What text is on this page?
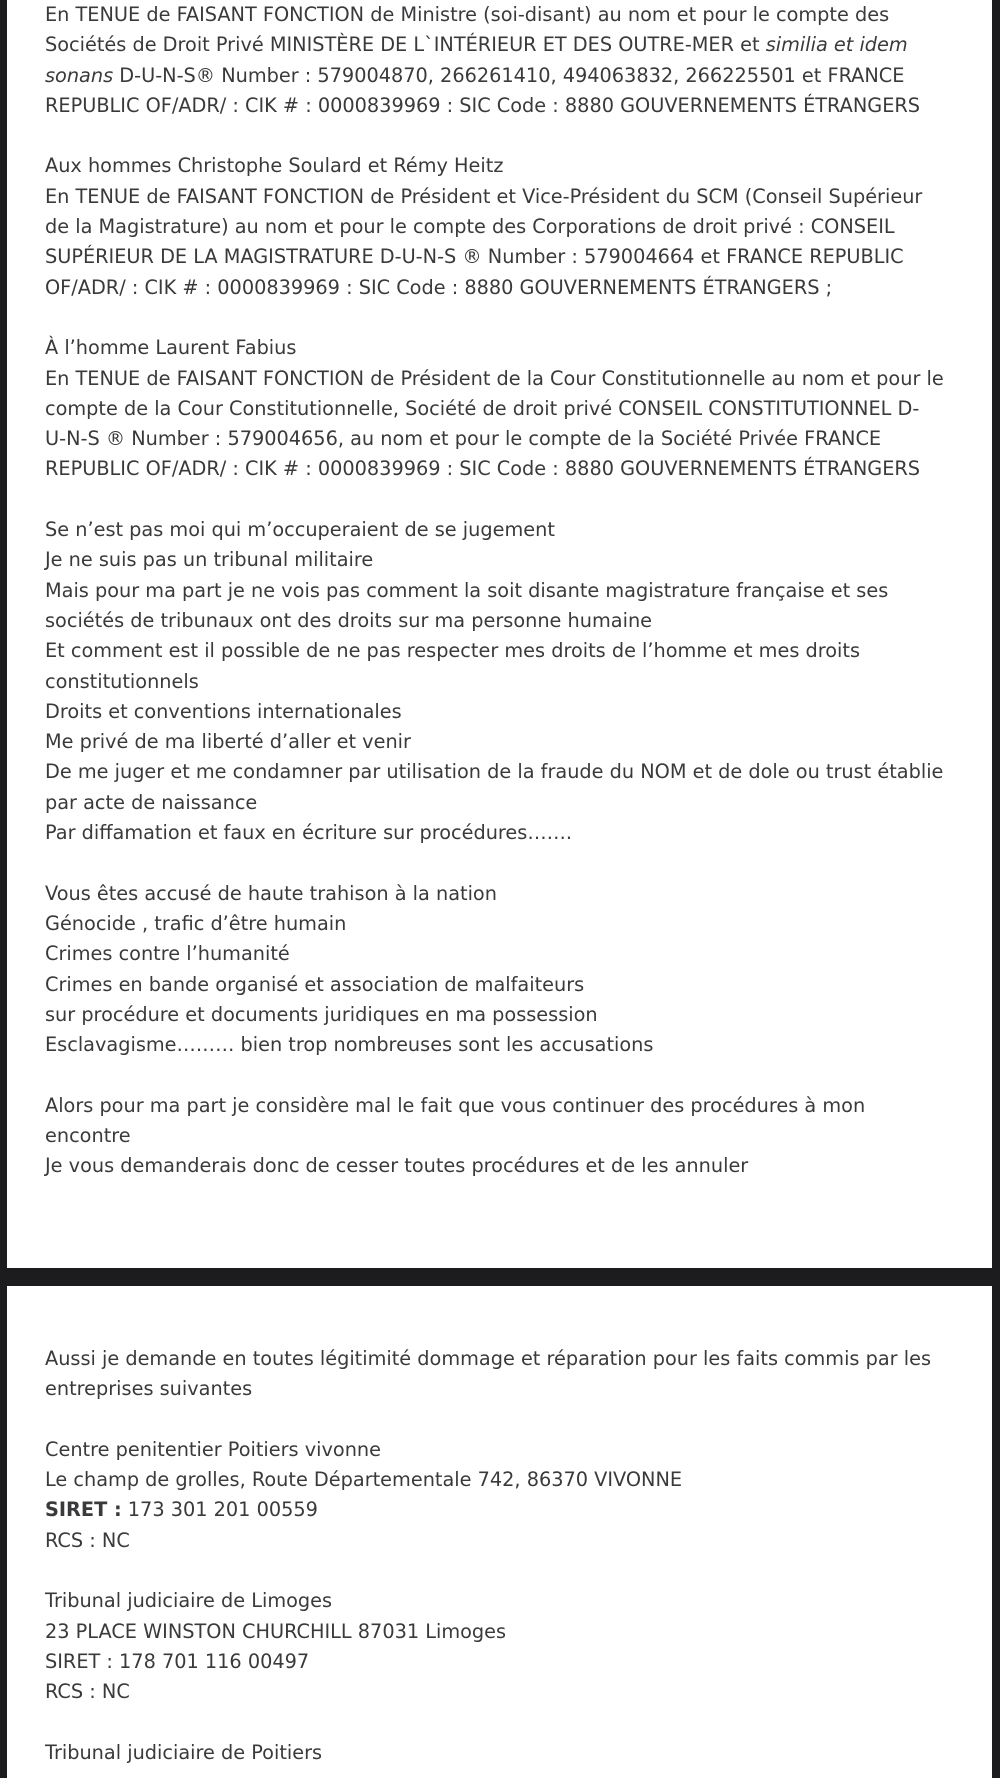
En TENUE de FAISANT FONCTION de Ministre (soi-disant) au nom et pour le compte des
Sociétés de Droit Privé MINISTÈRE DE L`INTÉRIEUR ET DES OUTRE-MER et similia et idem
sonans D-U-N-S® Number : 579004870, 266261410, 494063832, 266225501 et FRANCE
REPUBLIC OF/ADR/ : CIK # : 0000839969 : SIC Code : 8880 GOUVERNEMENTS ÉTRANGERS

Aux hommes Christophe Soulard et Rémy Heitz
En TENUE de FAISANT FONCTION de Président et Vice-Président du SCM (Conseil Supérieur
de la Magistrature) au nom et pour le compte des Corporations de droit privé : CONSEIL
SUPÉRIEUR DE LA MAGISTRATURE D-U-N-S ® Number : 579004664 et FRANCE REPUBLIC
OF/ADR/ : CIK # : 0000839969 : SIC Code : 8880 GOUVERNEMENTS ÉTRANGERS ;

À l’homme Laurent Fabius
En TENUE de FAISANT FONCTION de Président de la Cour Constitutionnelle au nom et pour le
compte de la Cour Constitutionnelle, Société de droit privé CONSEIL CONSTITUTIONNEL D-
U-N-S ® Number : 579004656, au nom et pour le compte de la Société Privée FRANCE
REPUBLIC OF/ADR/ : CIK # : 0000839969 : SIC Code : 8880 GOUVERNEMENTS ÉTRANGERS

Se n’est pas moi qui m’occuperaient de se jugement
Je ne suis pas un tribunal militaire
Mais pour ma part je ne vois pas comment la soit disante magistrature française et ses
sociétés de tribunaux ont des droits sur ma personne humaine
Et comment est il possible de ne pas respecter mes droits de l’homme et mes droits
constitutionnels
Droits et conventions internationales
Me privé de ma liberté d’aller et venir
De me juger et me condamner par utilisation de la fraude du NOM et de dole ou trust établie
par acte de naissance
Par diffamation et faux en écriture sur procédures…….

Vous êtes accusé de haute trahison à la nation
Génocide , trafic d’être humain
Crimes contre l’humanité
Crimes en bande organisé et association de malfaiteurs
sur procédure et documents juridiques en ma possession
Esclavagisme……… bien trop nombreuses sont les accusations

Alors pour ma part je considère mal le fait que vous continuer des procédures à mon
encontre
Je vous demanderais donc de cesser toutes procédures et de les annuler

Aussi je demande en toutes légitimité dommage et réparation pour les faits commis par les
entreprises suivantes

Centre penitentier Poitiers vivonne
Le champ de grolles, Route Départementale 742, 86370 VIVONNE
SIRET : 173 301 201 00559
RCS : NC

Tribunal judiciaire de Limoges
23 PLACE WINSTON CHURCHILL 87031 Limoges
SIRET : 178 701 116 00497
RCS : NC

Tribunal judiciaire de Poitiers
